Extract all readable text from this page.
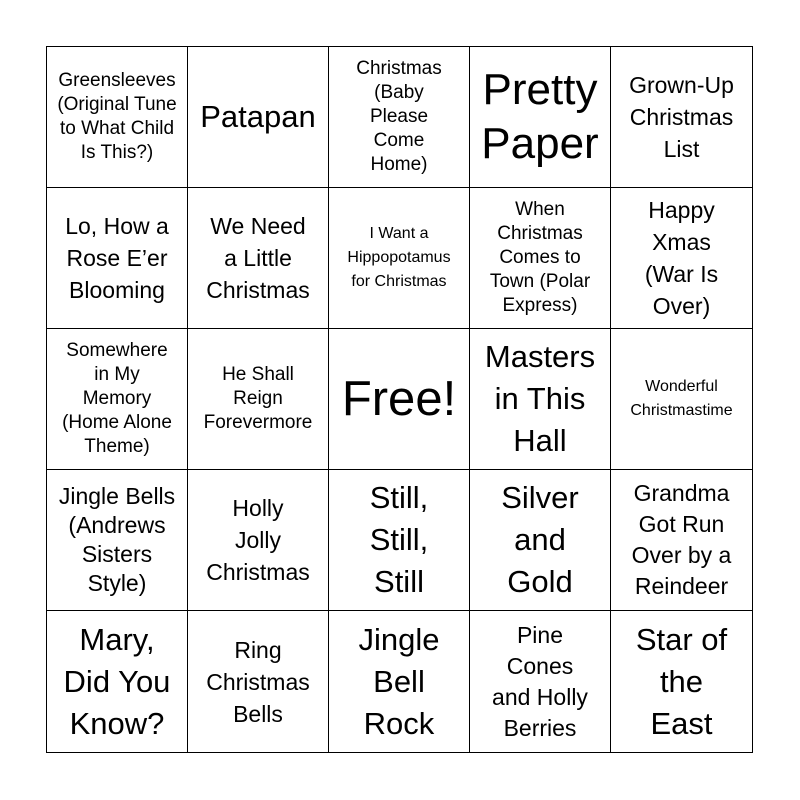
Greensleeves
(Original Tune
to What Child
Is This?)
Patapan
Christmas
(Baby
Please
Come
Home)
Pretty
Paper
Grown-Up
Christmas
List
Lo, How a
Rose E’er
Blooming
We Need
a Little
Christmas
I Want a
Hippopotamus
for Christmas
When
Christmas
Comes to
Town (Polar
Express)
Happy
Xmas
(War Is
Over)
Somewhere
in My
Memory
(Home Alone
Theme)
He Shall
Reign
Forevermore Free!
Masters
in This
Hall
Wonderful
Christmastime
Jingle Bells
(Andrews
Sisters
Style)
Holly
Jolly
Christmas
Still,
Still,
Still
Silver
and
Gold
Grandma
Got Run
Over by a
Reindeer
Mary,
Did You
Know?
Ring
Christmas
Bells
Jingle
Bell
Rock
Pine
Cones
and Holly
Berries
Star of
the
East
